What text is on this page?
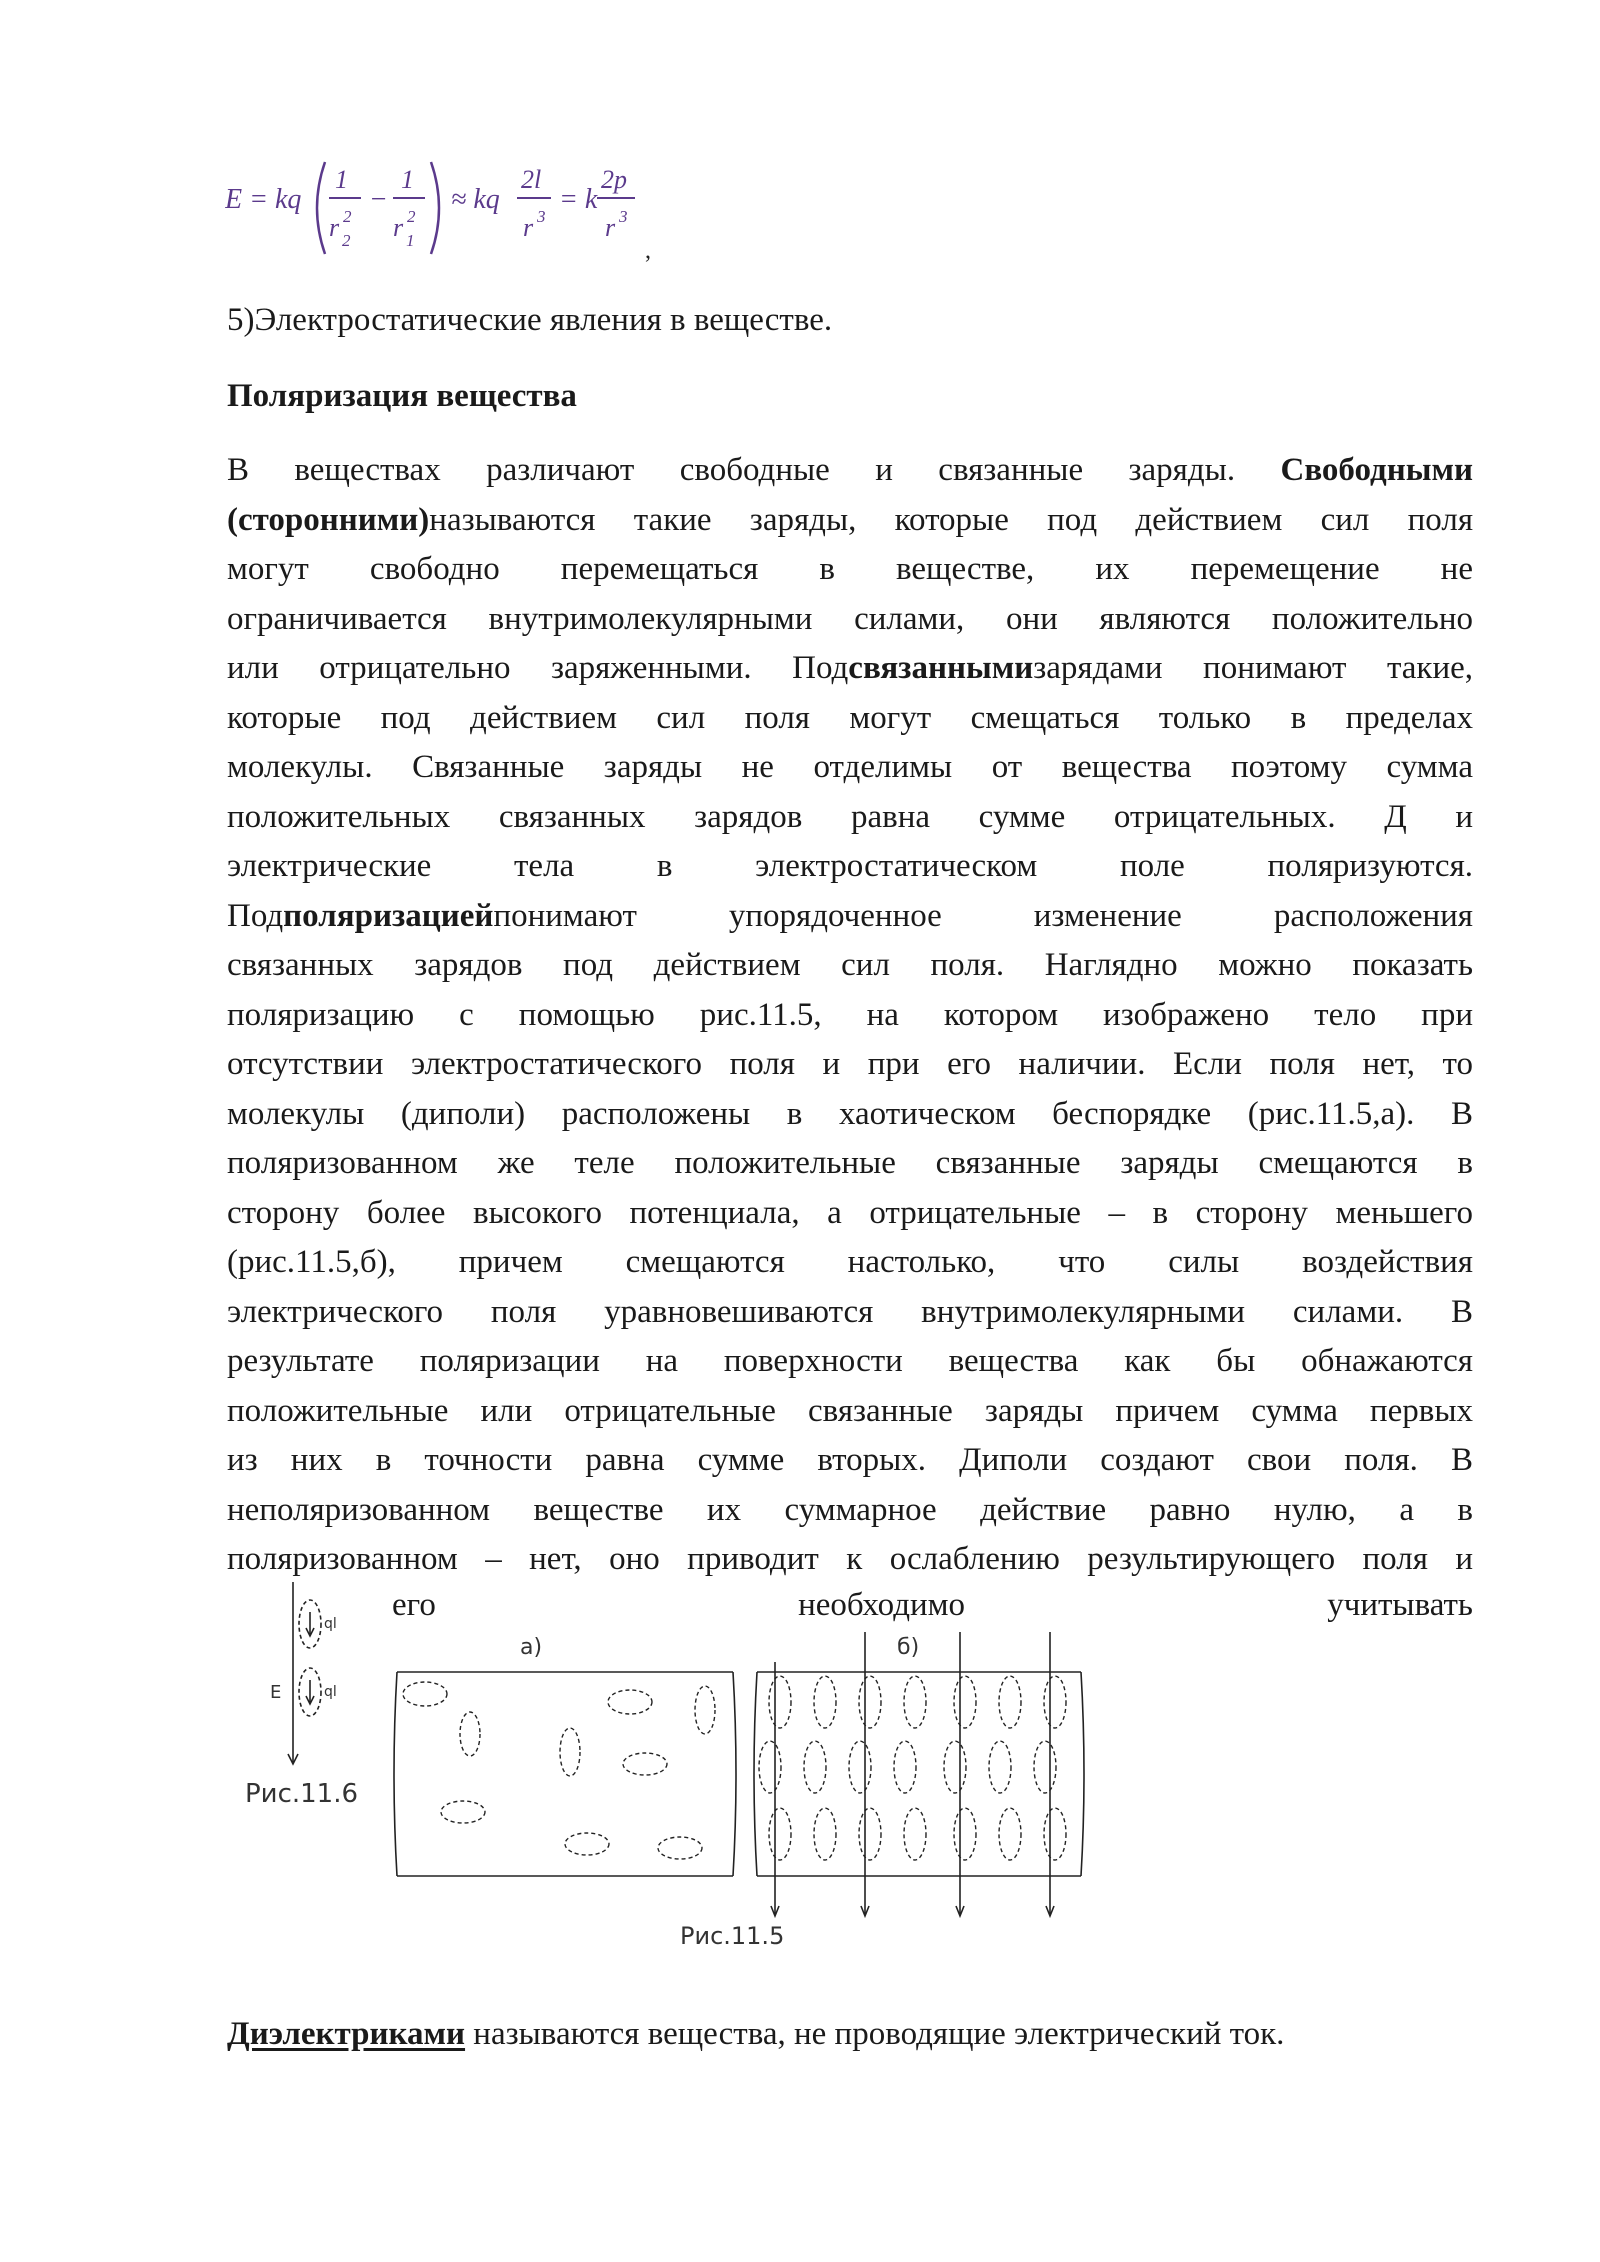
E = kq
1
r 2
2
−
1
r 2
1
≈ kq
2l
r 3
= k
2p
r 3
,
5)Электростатические явления в веществе.
Поляризация вещества
В веществах различают свободные и связанные заряды. Свободными
(сторонними)называются такие заряды, которые под действием сил поля
могут свободно перемещаться в веществе, их перемещение не
ограничивается внутримолекулярными силами, они являются положительно
или отрицательно заряженными. Подсвязаннымизарядами понимают такие,
которые под действием сил поля могут смещаться только в пределах
молекулы. Связанные заряды не отделимы от вещества поэтому сумма
положительных связанных зарядов равна сумме отрицательных. Д и
электрические тела в электростатическом поле поляризуются.
Подполяризациейпонимают упорядоченное изменение расположения
связанных зарядов под действием сил поля. Наглядно можно показать
поляризацию с помощью рис.11.5, на котором изображено тело при
отсутствии электростатического поля и при его наличии. Если поля нет, то
молекулы (диполи) расположены в хаотическом беспорядке (рис.11.5,а). В
поляризованном же теле положительные связанные заряды смещаются в
сторону более высокого потенциала, а отрицательные – в сторону меньшего
(рис.11.5,б), причем смещаются настолько, что силы воздействия
электрического поля уравновешиваются внутримолекулярными силами. В
результате поляризации на поверхности вещества как бы обнажаются
положительные или отрицательные связанные заряды причем сумма первых
из них в точности равна сумме вторых. Диполи создают свои поля. В
неполяризованном веществе их суммарное действие равно нулю, а в
поляризованном – нет, оно приводит к ослаблению результирующего поля и
E
ql
ql
Рис.11.6
а)	б)
Рис.11.5
его	необходимо	учитывать
Диэлектриками называются вещества, не проводящие электрический ток.
